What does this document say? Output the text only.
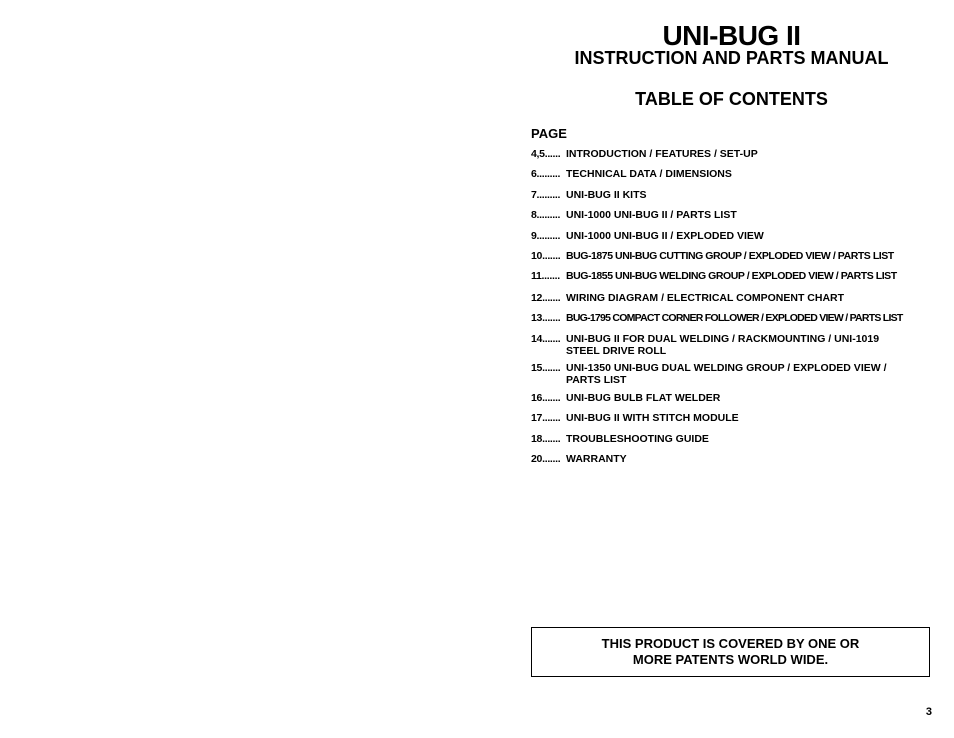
UNI-BUG II
INSTRUCTION AND PARTS MANUAL
TABLE OF CONTENTS
PAGE
4,5...... INTRODUCTION / FEATURES / SET-UP
6......... TECHNICAL DATA / DIMENSIONS
7......... UNI-BUG II KITS
8......... UNI-1000 UNI-BUG II / PARTS LIST
9......... UNI-1000 UNI-BUG II / EXPLODED VIEW
10....... BUG-1875 UNI-BUG CUTTING GROUP / EXPLODED VIEW / PARTS LIST
11....... BUG-1855 UNI-BUG WELDING GROUP / EXPLODED VIEW / PARTS LIST
12....... WIRING DIAGRAM / ELECTRICAL COMPONENT CHART
13....... BUG-1795 COMPACT CORNER FOLLOWER / EXPLODED VIEW / PARTS LIST
14....... UNI-BUG II FOR DUAL WELDING / RACKMOUNTING / UNI-1019 STEEL DRIVE ROLL
15....... UNI-1350 UNI-BUG DUAL WELDING GROUP / EXPLODED VIEW / PARTS LIST
16....... UNI-BUG BULB FLAT WELDER
17....... UNI-BUG II WITH STITCH MODULE
18....... TROUBLESHOOTING GUIDE
20....... WARRANTY
THIS PRODUCT IS COVERED BY ONE OR
MORE PATENTS WORLD WIDE.
3
